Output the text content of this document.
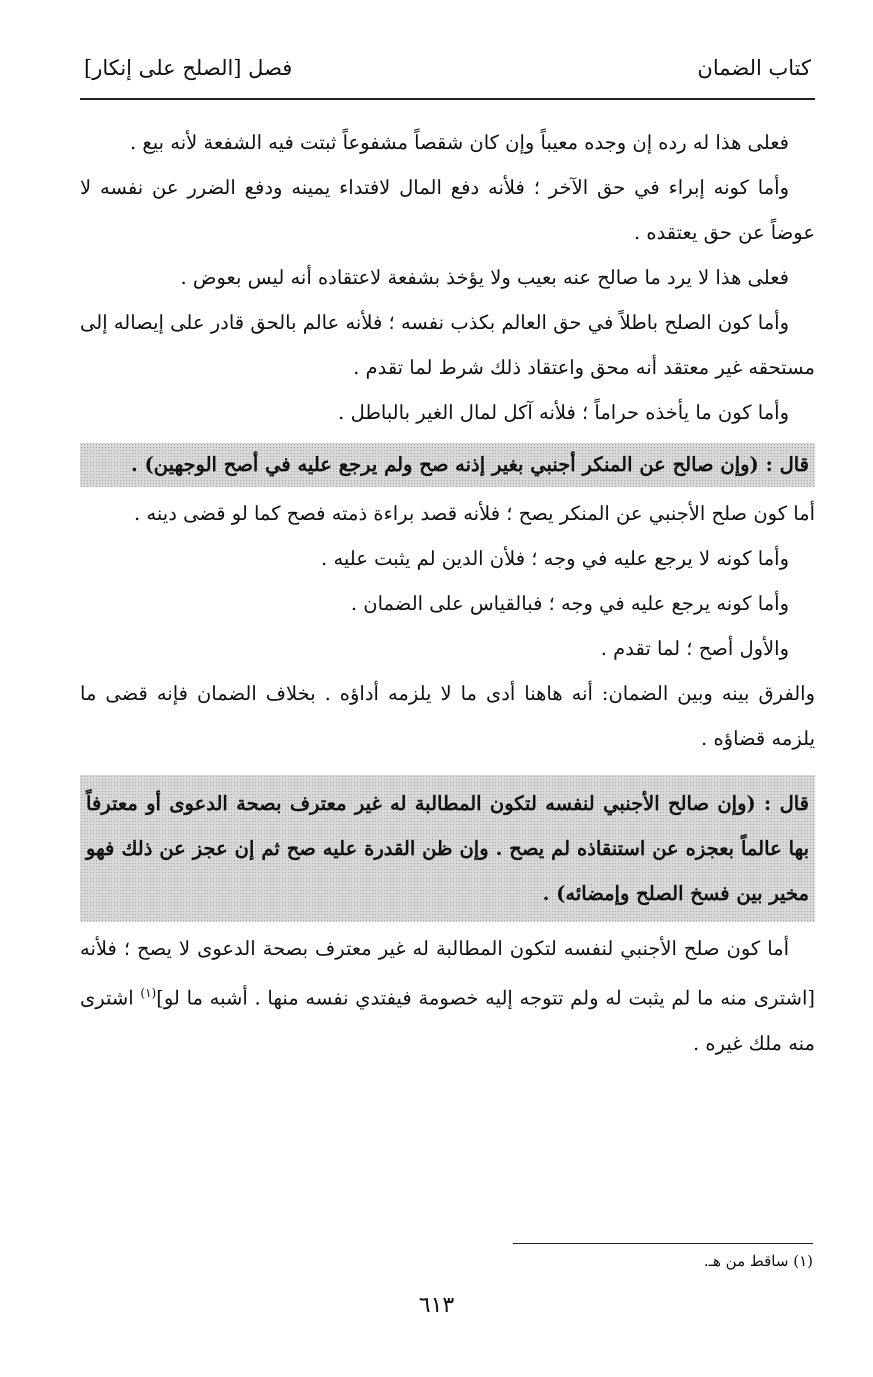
كتاب الضمان
فصل [الصلح على إنكار]

فعلى هذا له رده إن وجده معيباً وإن كان شقصاً مشفوعاً ثبتت فيه الشفعة لأنه بيع .

وأما كونه إبراء في حق الآخر ؛ فلأنه دفع المال لافتداء يمينه ودفع الضرر عن نفسه لا عوضاً عن حق يعتقده .

فعلى هذا لا يرد ما صالح عنه بعيب ولا يؤخذ بشفعة لاعتقاده أنه ليس بعوض .

وأما كون الصلح باطلاً في حق العالم بكذب نفسه ؛ فلأنه عالم بالحق قادر على إيصاله إلى مستحقه غير معتقد أنه محق واعتقاد ذلك شرط لما تقدم .

وأما كون ما يأخذه حراماً ؛ فلأنه آكل لمال الغير بالباطل .

قال : (وإن صالح عن المنكر أجنبي بغير إذنه صح ولم يرجع عليه في أصح الوجهين) .

أما كون صلح الأجنبي عن المنكر يصح ؛ فلأنه قصد براءة ذمته فصح كما لو قضى دينه .

وأما كونه لا يرجع عليه في وجه ؛ فلأن الدين لم يثبت عليه .

وأما كونه يرجع عليه في وجه ؛ فبالقياس على الضمان .

والأول أصح ؛ لما تقدم .

والفرق بينه وبين الضمان: أنه هاهنا أدى ما لا يلزمه أداؤه . بخلاف الضمان فإنه قضى ما يلزمه قضاؤه .

قال : (وإن صالح الأجنبي لنفسه لتكون المطالبة له غير معترف بصحة الدعوى أو معترفاً بها عالماً بعجزه عن استنقاذه لم يصح . وإن ظن القدرة عليه صح ثم إن عجز عن ذلك فهو مخير بين فسخ الصلح وإمضائه) .

أما كون صلح الأجنبي لنفسه لتكون المطالبة له غير معترف بصحة الدعوى لا يصح ؛ فلأنه [اشترى منه ما لم يثبت له ولم تتوجه إليه خصومة فيفتدي نفسه منها . أشبه ما لو]$^{(١)}$ اشترى منه ملك غيره .

(١) ساقط من هـ.
٦١٣
